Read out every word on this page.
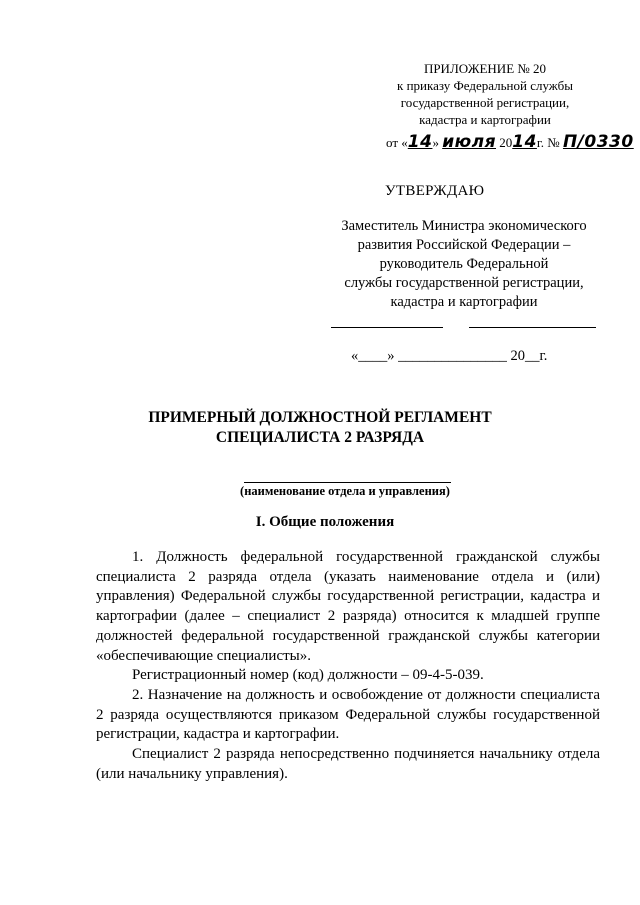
ПРИЛОЖЕНИЕ № 20
к приказу Федеральной службы
государственной регистрации,
кадастра и картографии
от «14» июля 2014г. № П/0330
УТВЕРЖДАЮ
Заместитель Министра экономического
развития Российской Федерации –
руководитель Федеральной
службы государственной регистрации,
кадастра и картографии
«____» _______________ 20__г.
ПРИМЕРНЫЙ ДОЛЖНОСТНОЙ РЕГЛАМЕНТ
СПЕЦИАЛИСТА 2 РАЗРЯДА
(наименование отдела и управления)
I. Общие положения

1. Должность федеральной государственной гражданской службы специалиста 2 разряда отдела (указать наименование отдела и (или) управления) Федеральной службы государственной регистрации, кадастра и картографии (далее – специалист 2 разряда) относится к младшей группе должностей федеральной государственной гражданской службы категории «обеспечивающие специалисты».

Регистрационный номер (код) должности – 09-4-5-039.

2. Назначение на должность и освобождение от должности специалиста 2 разряда осуществляются приказом Федеральной службы государственной регистрации, кадастра и картографии.

Специалист 2 разряда непосредственно подчиняется начальнику отдела (или начальнику управления).
